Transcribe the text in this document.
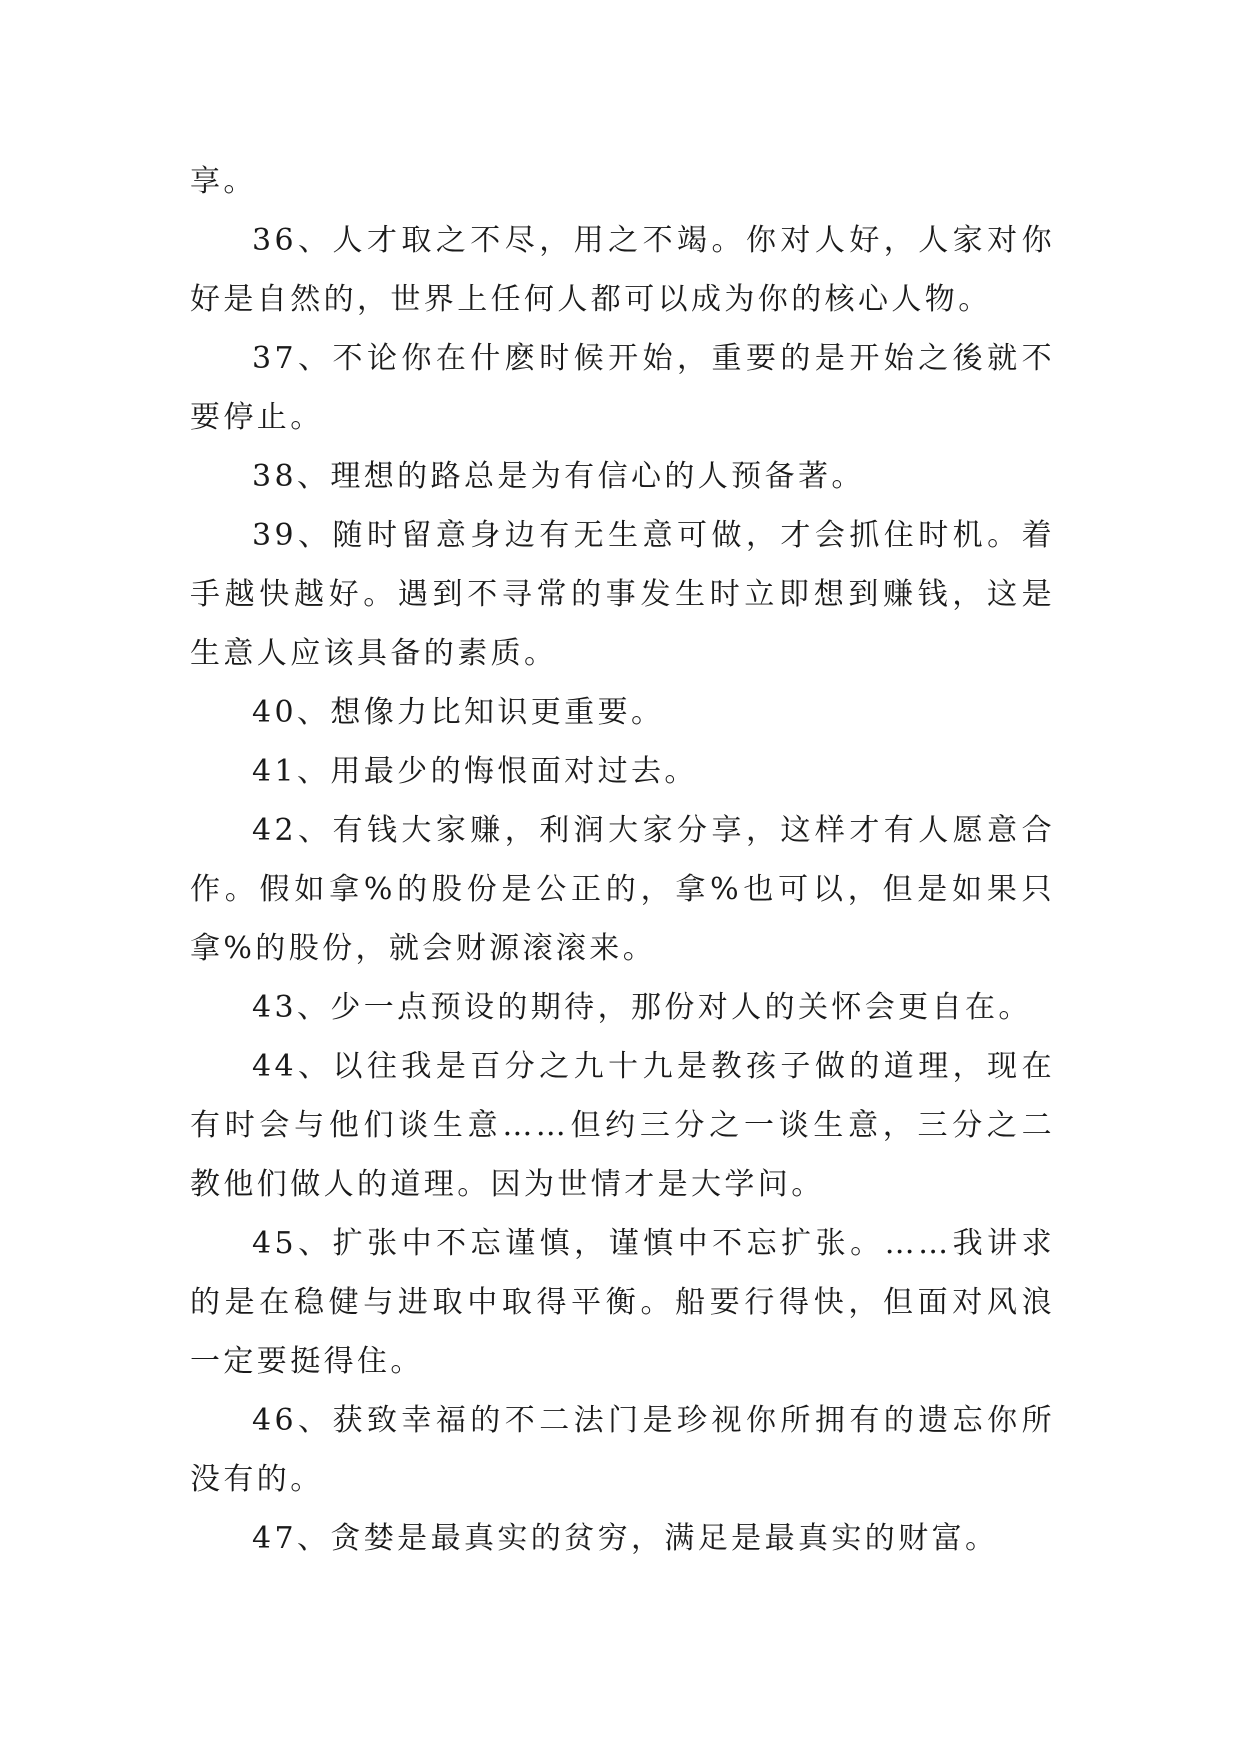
享。

36、人才取之不尽，用之不竭。你对人好，人家对你好是自然的，世界上任何人都可以成为你的核心人物。

37、不论你在什麽时候开始，重要的是开始之後就不要停止。

38、理想的路总是为有信心的人预备著。

39、随时留意身边有无生意可做，才会抓住时机。着手越快越好。遇到不寻常的事发生时立即想到赚钱，这是生意人应该具备的素质。

40、想像力比知识更重要。

41、用最少的悔恨面对过去。

42、有钱大家赚，利润大家分享，这样才有人愿意合作。假如拿%的股份是公正的，拿%也可以，但是如果只拿%的股份，就会财源滚滚来。

43、少一点预设的期待，那份对人的关怀会更自在。

44、以往我是百分之九十九是教孩子做的道理，现在有时会与他们谈生意……但约三分之一谈生意，三分之二教他们做人的道理。因为世情才是大学问。

45、扩张中不忘谨慎，谨慎中不忘扩张。……我讲求的是在稳健与进取中取得平衡。船要行得快，但面对风浪一定要挺得住。

46、获致幸福的不二法门是珍视你所拥有的遗忘你所没有的。

47、贪婪是最真实的贫穷，满足是最真实的财富。
